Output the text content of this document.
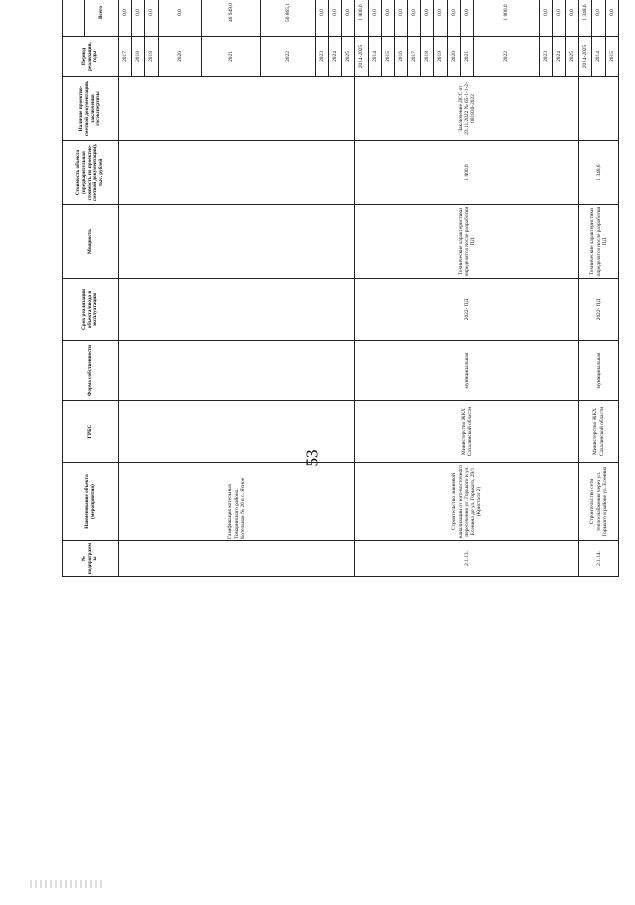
53
№ подпрограммы	Наименование объекта (мероприятия)	ГРБС	Форма собственности	Срок реализации объекта/ввода в эксплуатацию	Мощность	Стоимость объекта (предварительная стоимость по проектно-сметной документации), тыс. рублей	Наличие проектно-сметной документации, заключения госэкспертизы	Период реализации, годы		
									Всего				
	Газификация котельных Томаринского района. Котельная № 26 в с. Ясное							2017	0,0					
								2018	0,0					
								2019	0,0					
								2020	0,0					
								2021	46 949,0					
								2022	50 865,1					
								2023	0,0					
								2024	0,0					
								2025	0,0					
2.1.13.	Строительство ливневой канализации от юго-восточного пересечения ул. Горького и ул. Есенина до ул. Горького, 29/1 (Кристалл 2)	Министерство ЖКХ Сахалинской области	муниципальная	2022- ПД	Технические характеристики определятся после разработки ПД	1 800,0	Заключение ДСС от 23.11.2022 № 65-1-1-2-081830-2022	2014-2025	1 800,0					
								2014	0,0				
								2015	0,0				
								2016	0,0				
								2017	0,0				
								2018	0,0				
								2019	0,0				
								2020	0,0				
								2021	0,0				
								2022	1 800,0				
								2023	0,0				
								2024	0,0				
								2025	0,0				
2.1.14.	Строительство сети теплоснабжения через ул. Горького в районе ул. Есенина	Министерство ЖКХ Сахалинской области	муниципальная	2022- ПД	Технические характеристики определятся после разработки ПД	1 348,6		2014-2025	1 348,6					
								2014	0,0				
								2015	0,0				
